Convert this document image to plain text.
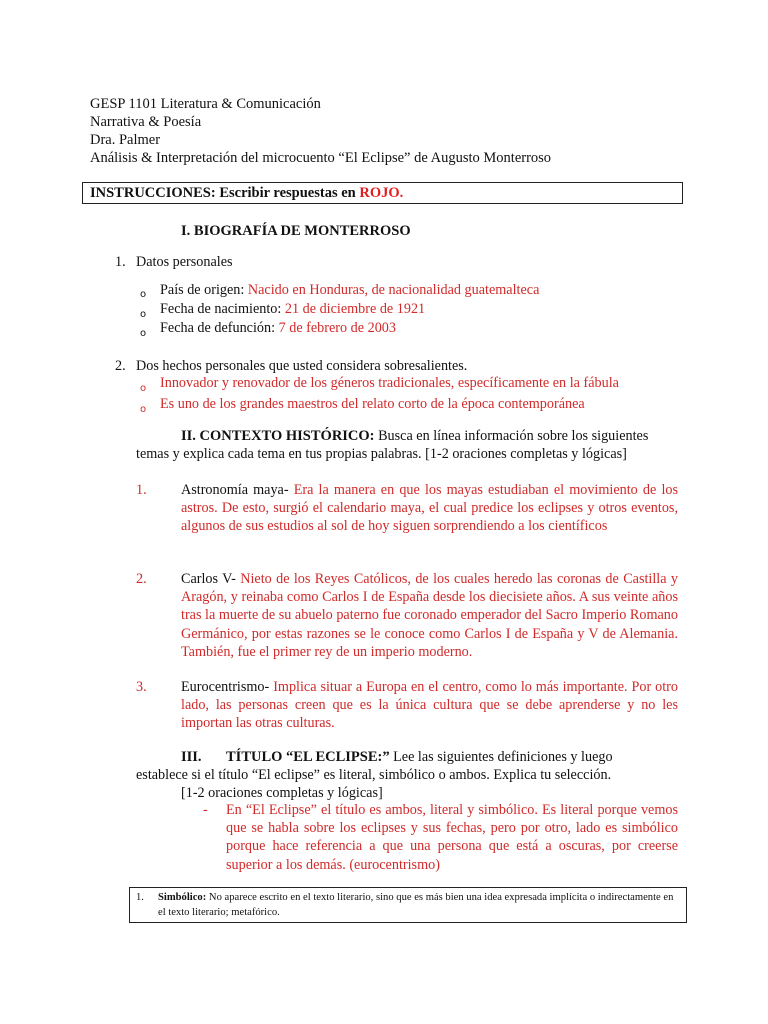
GESP 1101 Literatura & Comunicación
Narrativa & Poesía
Dra. Palmer
Análisis & Interpretación del microcuento “El Eclipse” de Augusto Monterroso
INSTRUCCIONES: Escribir respuestas en ROJO.
I. BIOGRAFÍA DE MONTERROSO
1. Datos personales
o País de origen: Nacido en Honduras, de nacionalidad guatemalteca
o Fecha de nacimiento: 21 de diciembre de 1921
o Fecha de defunción: 7 de febrero de 2003
2. Dos hechos personales que usted considera sobresalientes.
o Innovador y renovador de los géneros tradicionales, específicamente en la fábula
o Es uno de los grandes maestros del relato corto de la época contemporánea
II. CONTEXTO HISTÓRICO: Busca en línea información sobre los siguientes
temas y explica cada tema en tus propias palabras. [1-2 oraciones completas y lógicas]
1. Astronomía maya- Era la manera en que los mayas estudiaban el movimiento de los astros. De esto, surgió el calendario maya, el cual predice los eclipses y otros eventos, algunos de sus estudios al sol de hoy siguen sorprendiendo a los científicos
2. Carlos V- Nieto de los Reyes Católicos, de los cuales heredo las coronas de Castilla y Aragón, y reinaba como Carlos I de España desde los diecisiete años. A sus veinte años tras la muerte de su abuelo paterno fue coronado emperador del Sacro Imperio Romano Germánico, por estas razones se le conoce como Carlos I de España y V de Alemania. También, fue el primer rey de un imperio moderno.
3. Eurocentrismo- Implica situar a Europa en el centro, como lo más importante. Por otro lado, las personas creen que es la única cultura que se debe aprenderse y no les importan las otras culturas.
III. TÍTULO “EL ECLIPSE:” Lee las siguientes definiciones y luego
establece si el título “El eclipse” es literal, simbólico o ambos. Explica tu selección.
[1-2 oraciones completas y lógicas]
- En “El Eclipse” el título es ambos, literal y simbólico. Es literal porque vemos que se habla sobre los eclipses y sus fechas, pero por otro, lado es simbólico porque hace referencia a que una persona que está a oscuras, por creerse superior a los demás. (eurocentrismo)
1. Simbólico: No aparece escrito en el texto literario, sino que es más bien una idea expresada implícita o indirectamente en el texto literario; metafórico.
